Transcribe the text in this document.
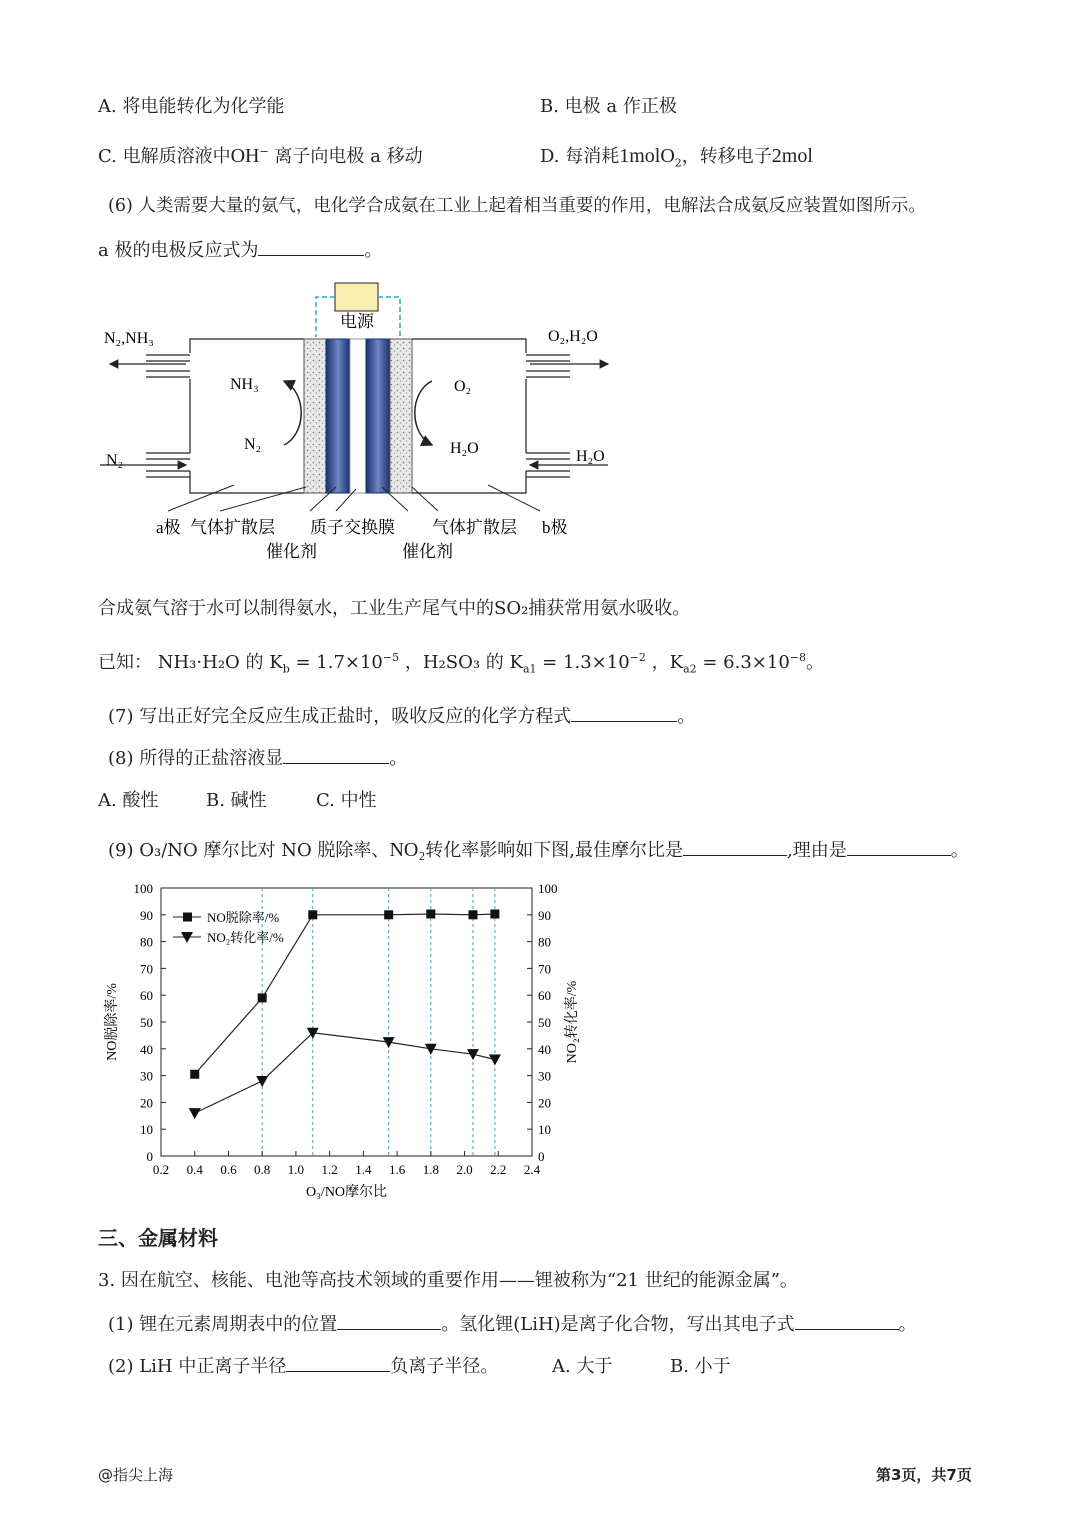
A. 将电能转化为化学能	B. 电极 a 作正极
C. 电解质溶液中OH− 离子向电极 a 移动	D. 每消耗1molO$_2$，转移电子2mol
(6) 人类需要大量的氨气，电化学合成氨在工业上起着相当重要的作用，电解法合成氨反应装置如图所示。
a 极的电极反应式为	。
电源
N₂,NH₃
N₂
NH₃
N₂
O₂,H₂O
H₂O
O₂
H₂O
a极 气体扩散层 质子交换膜 气体扩散层 b极
催化剂	催化剂
合成氨气溶于水可以制得氨水，工业生产尾气中的SO₂捕获常用氨水吸收。
已知： NH₃·H₂O 的 $K_b = 1.7\times 10^{-5}$ ，H₂SO₃ 的 $K_{a1} = 1.3\times 10^{-2}$ ，$K_{a2} = 6.3\times 10^{-8}$。
(7) 写出正好完全反应生成正盐时，吸收反应的化学方程式	。
(8) 所得的正盐溶液显	。
A. 酸性	B. 碱性	C. 中性
(9) O₃/NO 摩尔比对 NO 脱除率、NO₂转化率影响如下图,最佳摩尔比是	,理由是	。
0.2 0.4 0.6 0.8 1.0 1.2 1.4 1.6 1.8 2.0 2.2 2.4
0	0
10	10
20	20
30	30
40	40
50	50
60	60
70	70
80	80
90	90
100	100
O₃/NO摩尔比
NO脱除率/%	NO₂转化率/%
NO脱除率/%
NO₂转化率/%
三、金属材料
3. 因在航空、核能、电池等高技术领域的重要作用——锂被称为“21 世纪的能源金属”。
(1) 锂在元素周期表中的位置	。氢化锂(LiH)是离子化合物，写出其电子式	。
(2) LiH 中正离子半径	负离子半径。	A. 大于	B. 小于
@指尖上海	第3页，共7页
